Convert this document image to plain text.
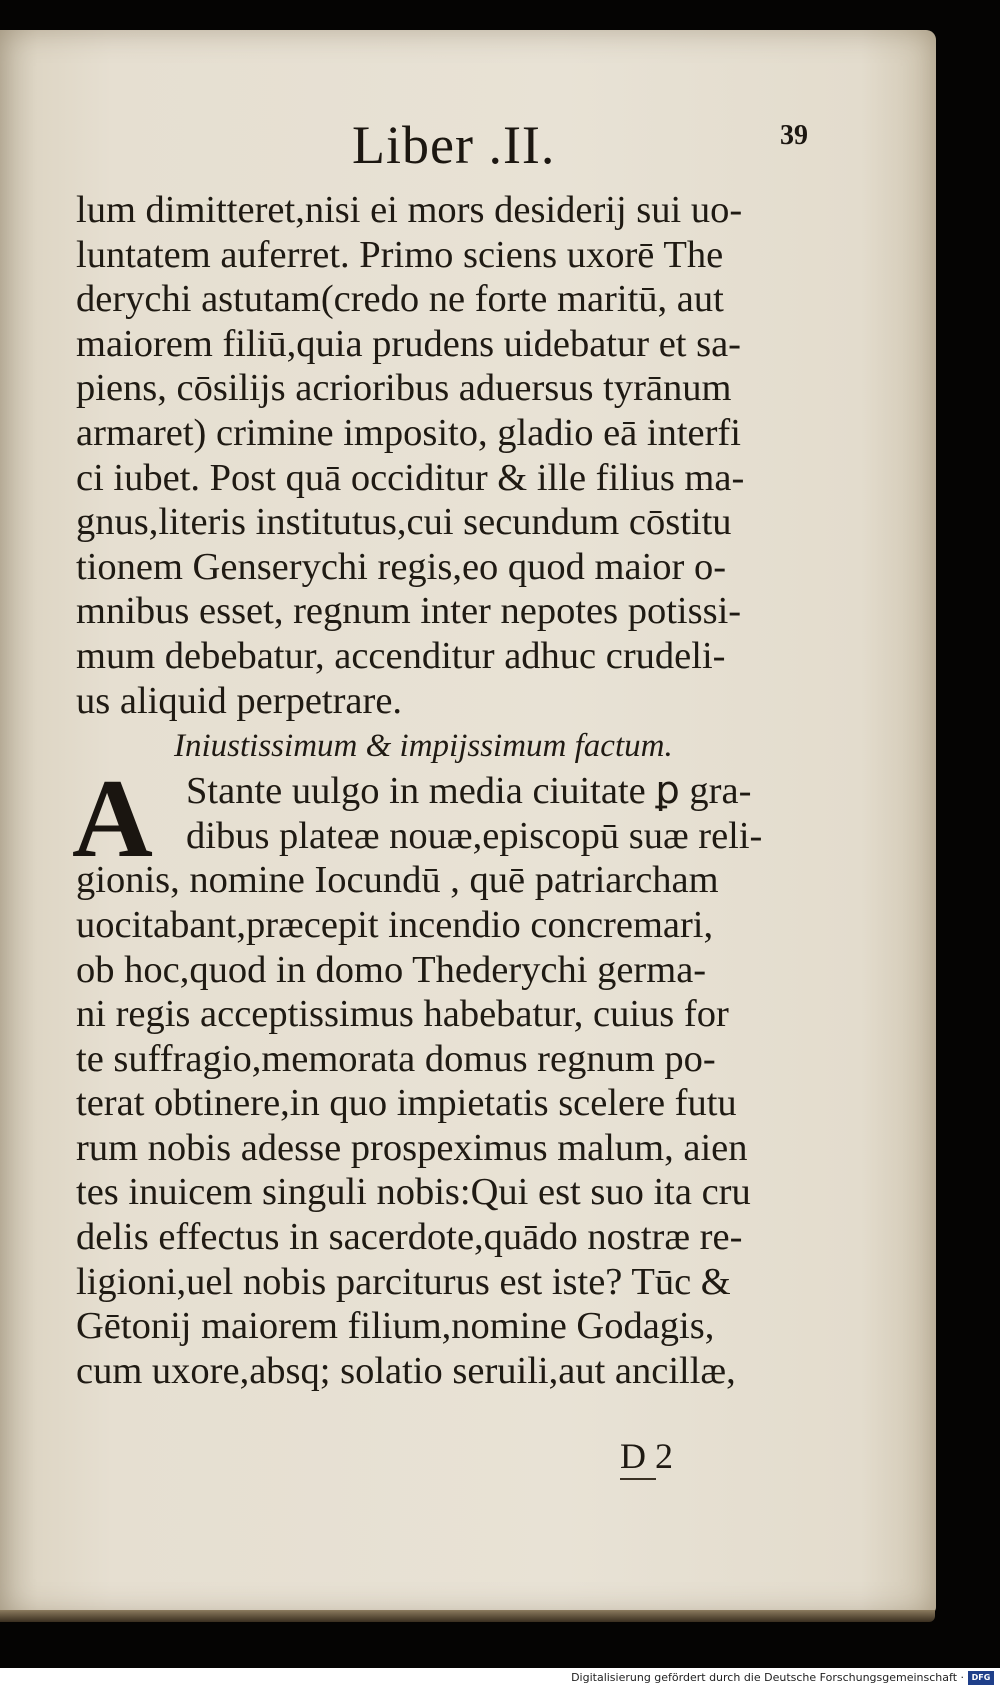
Liber .II.	39
lum dimitteret,nisi ei mors desiderij sui uo-
luntatem auferret. Primo sciens uxorē The
derychi astutam(credo ne forte maritū, aut
maiorem filiū,quia prudens uidebatur et sa-
piens, cōsilijs acrioribus aduersus tyrānum
armaret) crimine imposito, gladio eā interfi
ci iubet. Post quā occiditur & ille filius ma-
gnus,literis institutus,cui secundum cōstitu
tionem Genserychi regis,eo quod maior o-
mnibus esset, regnum inter nepotes potissi-
mum debebatur, accenditur adhuc crudeli-
us aliquid perpetrare.
Iniustissimum & impijssimum factum.
A Stante uulgo in media ciuitate ꝑ gra-
dibus plateæ nouæ,episcopū suæ reli-
gionis, nomine Iocundū , quē patriarcham
uocitabant,præcepit incendio concremari,
ob hoc,quod in domo Thederychi germa-
ni regis acceptissimus habebatur, cuius for
te suffragio,memorata domus regnum po-
terat obtinere,in quo impietatis scelere futu
rum nobis adesse prospeximus malum, aien
tes inuicem singuli nobis:Qui est suo ita cru
delis effectus in sacerdote,quādo nostræ re-
ligioni,uel nobis parciturus est iste? Tūc &
Gētonij maiorem filium,nomine Godagis,
cum uxore,absq; solatio seruili,aut ancillæ,
D 2
Digitalisierung gefördert durch die Deutsche Forschungsgemeinschaft · DFG
